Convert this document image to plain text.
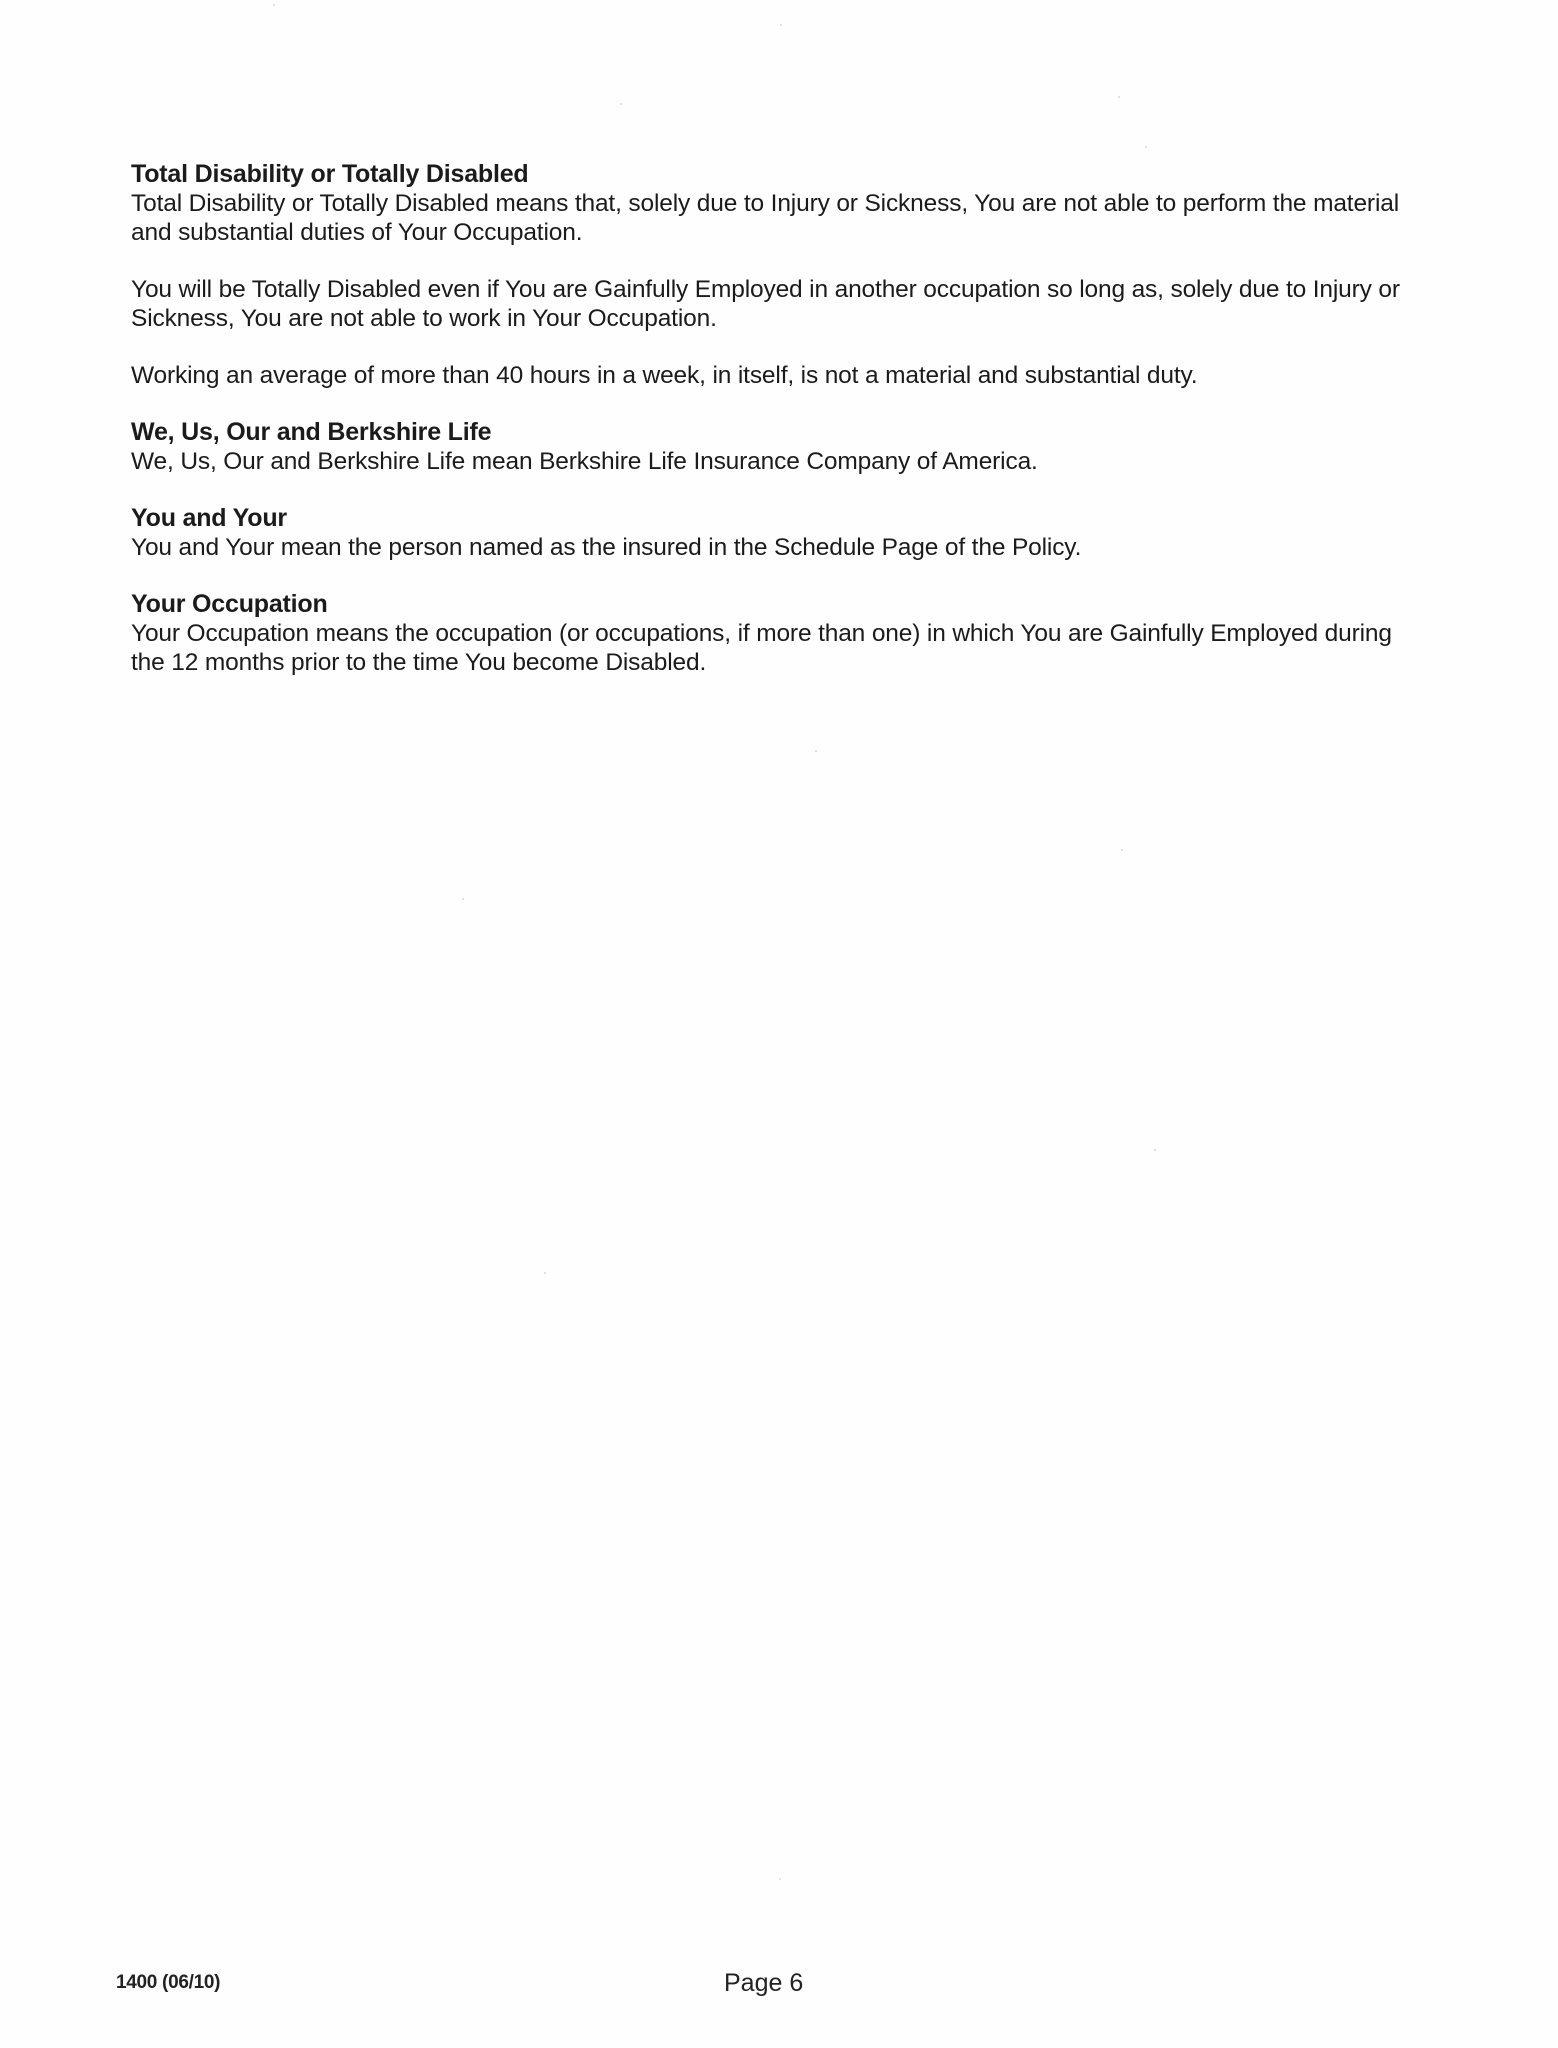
Total Disability or Totally Disabled

Total Disability or Totally Disabled means that, solely due to Injury or Sickness, You are not able to perform the material and substantial duties of Your Occupation.

You will be Totally Disabled even if You are Gainfully Employed in another occupation so long as, solely due to Injury or Sickness, You are not able to work in Your Occupation.

Working an average of more than 40 hours in a week, in itself, is not a material and substantial duty.

We, Us, Our and Berkshire Life

We, Us, Our and Berkshire Life mean Berkshire Life Insurance Company of America.

You and Your

You and Your mean the person named as the insured in the Schedule Page of the Policy.

Your Occupation

Your Occupation means the occupation (or occupations, if more than one) in which You are Gainfully Employed during the 12 months prior to the time You become Disabled.

1400 (06/10)	Page 6
